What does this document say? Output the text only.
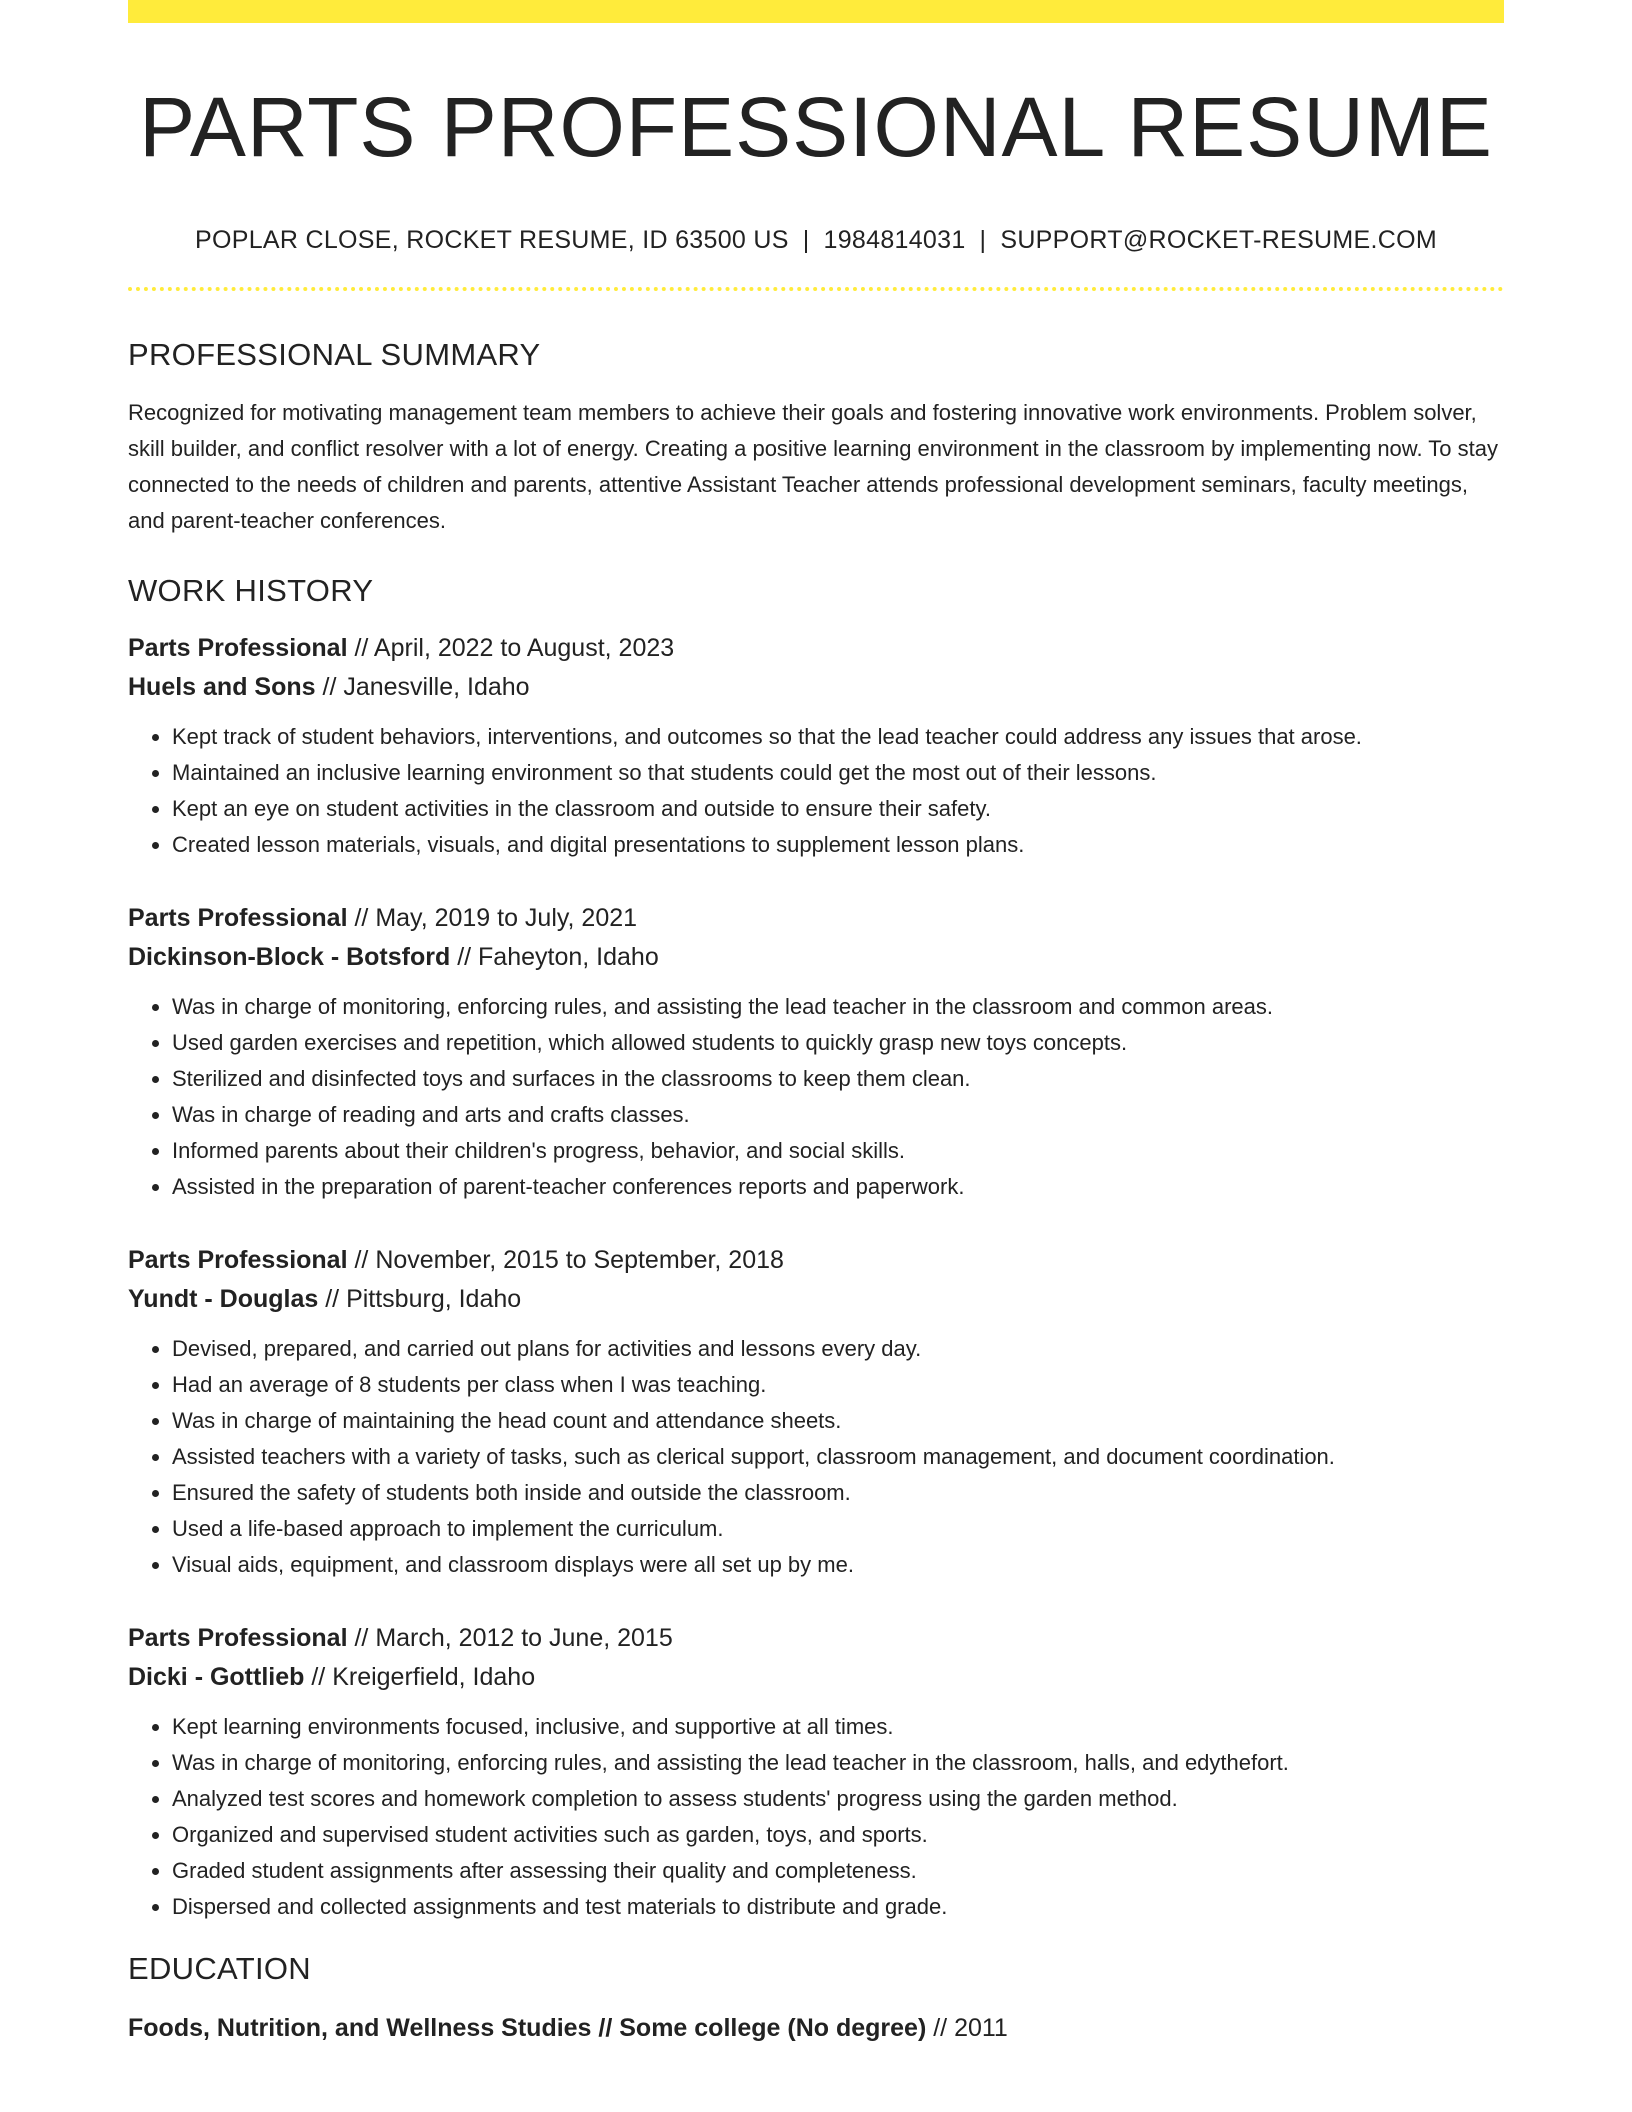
PARTS PROFESSIONAL RESUME
POPLAR CLOSE, ROCKET RESUME, ID 63500 US | 1984814031 | SUPPORT@ROCKET-RESUME.COM
PROFESSIONAL SUMMARY
Recognized for motivating management team members to achieve their goals and fostering innovative work environments. Problem solver, skill builder, and conflict resolver with a lot of energy. Creating a positive learning environment in the classroom by implementing now. To stay connected to the needs of children and parents, attentive Assistant Teacher attends professional development seminars, faculty meetings, and parent-teacher conferences.
WORK HISTORY
Parts Professional // April, 2022 to August, 2023
Huels and Sons // Janesville, Idaho
• Kept track of student behaviors, interventions, and outcomes so that the lead teacher could address any issues that arose.
• Maintained an inclusive learning environment so that students could get the most out of their lessons.
• Kept an eye on student activities in the classroom and outside to ensure their safety.
• Created lesson materials, visuals, and digital presentations to supplement lesson plans.
Parts Professional // May, 2019 to July, 2021
Dickinson-Block - Botsford // Faheyton, Idaho
• Was in charge of monitoring, enforcing rules, and assisting the lead teacher in the classroom and common areas.
• Used garden exercises and repetition, which allowed students to quickly grasp new toys concepts.
• Sterilized and disinfected toys and surfaces in the classrooms to keep them clean.
• Was in charge of reading and arts and crafts classes.
• Informed parents about their children's progress, behavior, and social skills.
• Assisted in the preparation of parent-teacher conferences reports and paperwork.
Parts Professional // November, 2015 to September, 2018
Yundt - Douglas // Pittsburg, Idaho
• Devised, prepared, and carried out plans for activities and lessons every day.
• Had an average of 8 students per class when I was teaching.
• Was in charge of maintaining the head count and attendance sheets.
• Assisted teachers with a variety of tasks, such as clerical support, classroom management, and document coordination.
• Ensured the safety of students both inside and outside the classroom.
• Used a life-based approach to implement the curriculum.
• Visual aids, equipment, and classroom displays were all set up by me.
Parts Professional // March, 2012 to June, 2015
Dicki - Gottlieb // Kreigerfield, Idaho
• Kept learning environments focused, inclusive, and supportive at all times.
• Was in charge of monitoring, enforcing rules, and assisting the lead teacher in the classroom, halls, and edythefort.
• Analyzed test scores and homework completion to assess students' progress using the garden method.
• Organized and supervised student activities such as garden, toys, and sports.
• Graded student assignments after assessing their quality and completeness.
• Dispersed and collected assignments and test materials to distribute and grade.
EDUCATION
Foods, Nutrition, and Wellness Studies // Some college (No degree) // 2011
